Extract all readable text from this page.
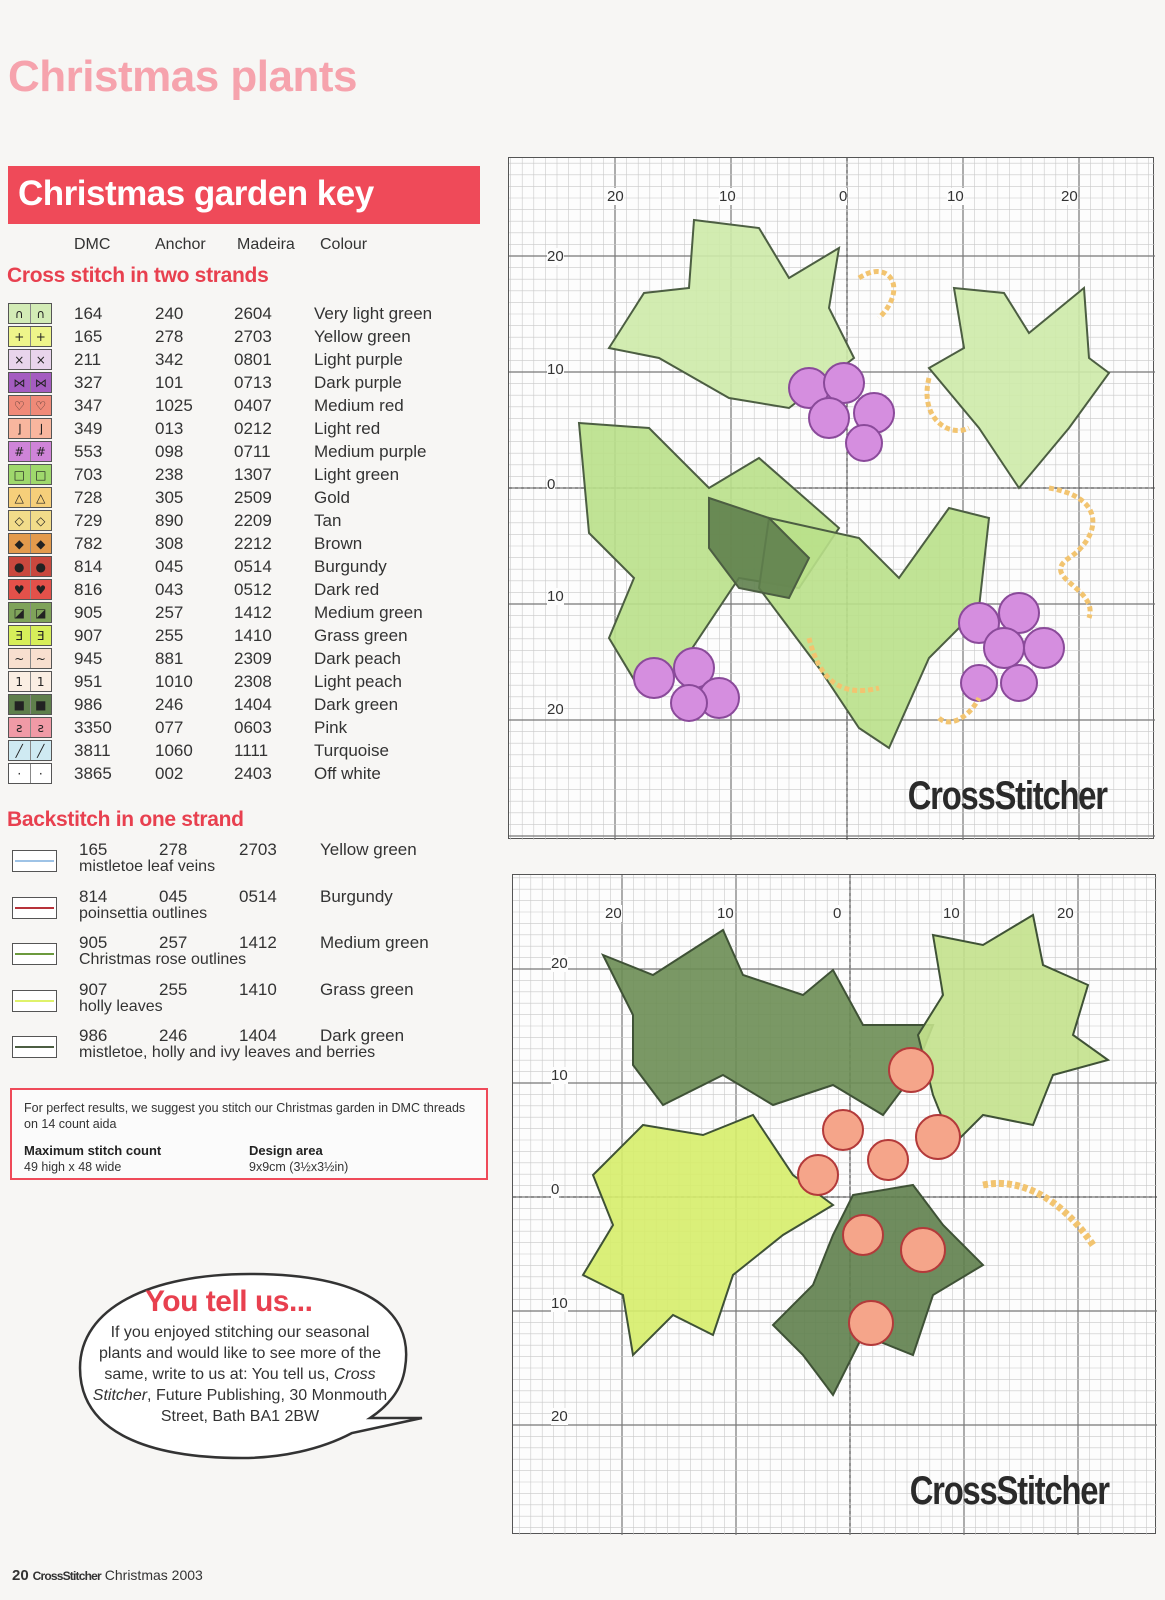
Christmas plants
Christmas garden key
DMC	Anchor Madeira Colour
Cross stitch in two strands
∩	∩	164	240	2604 Very light green
+ +	165	278	2703 Yellow green
× ×	211	342	0801 Light purple
⋈ ⋈ 327	101	0713 Dark purple
♡ ♡ 347	1025 0407 Medium red
⌋	⌋	349	013	0212 Light red
# #	553	098	0711	Medium purple
□ □ 703	238	1307 Light green
△	△	728	305	2509 Gold
◇	◇	729	890	2209 Tan
◆	◆	782	308	2212 Brown
● ● 814	045	0514 Burgundy
♥ ♥ 816	043	0512 Dark red
◪ ◪ 905	257	1412 Medium green
Ǝ	Ǝ	907	255	1410 Grass green
~ ~	945	881	2309 Dark peach
1	1	951	1010 2308 Light peach
■ ■ 986	246	1404 Dark green
ƨ	ƨ	3350	077	0603 Pink
╱	╱	3811	1060 1111	Turquoise
·	·	3865	002	2403 Off white
Backstitch in one strand
165	278	2703	Yellow green
mistletoe leaf veins
814	045	0514	Burgundy
poinsettia outlines
905	257	1412	Medium green
Christmas rose outlines
907	255	1410	Grass green
holly leaves
986	246	1404	Dark green
mistletoe, holly and ivy leaves and berries
For perfect results, we suggest you stitch our Christmas garden in DMC threads on 14 count aida
Maximum stitch count
49 high x 48 wide
Design area
9x9cm (3½x3½in)
You tell us...
If you enjoyed stitching our seasonal plants and would like to see more of the same, write to us at: You tell us, Cross Stitcher, Future Publishing, 30 Monmouth Street, Bath BA1 2BW
20	10	0	10	20
20
10
0
10
20
CrossStitcher
20	10	0	10	20
20
10
0
10
20
CrossStitcher
20 CrossStitcher Christmas 2003
